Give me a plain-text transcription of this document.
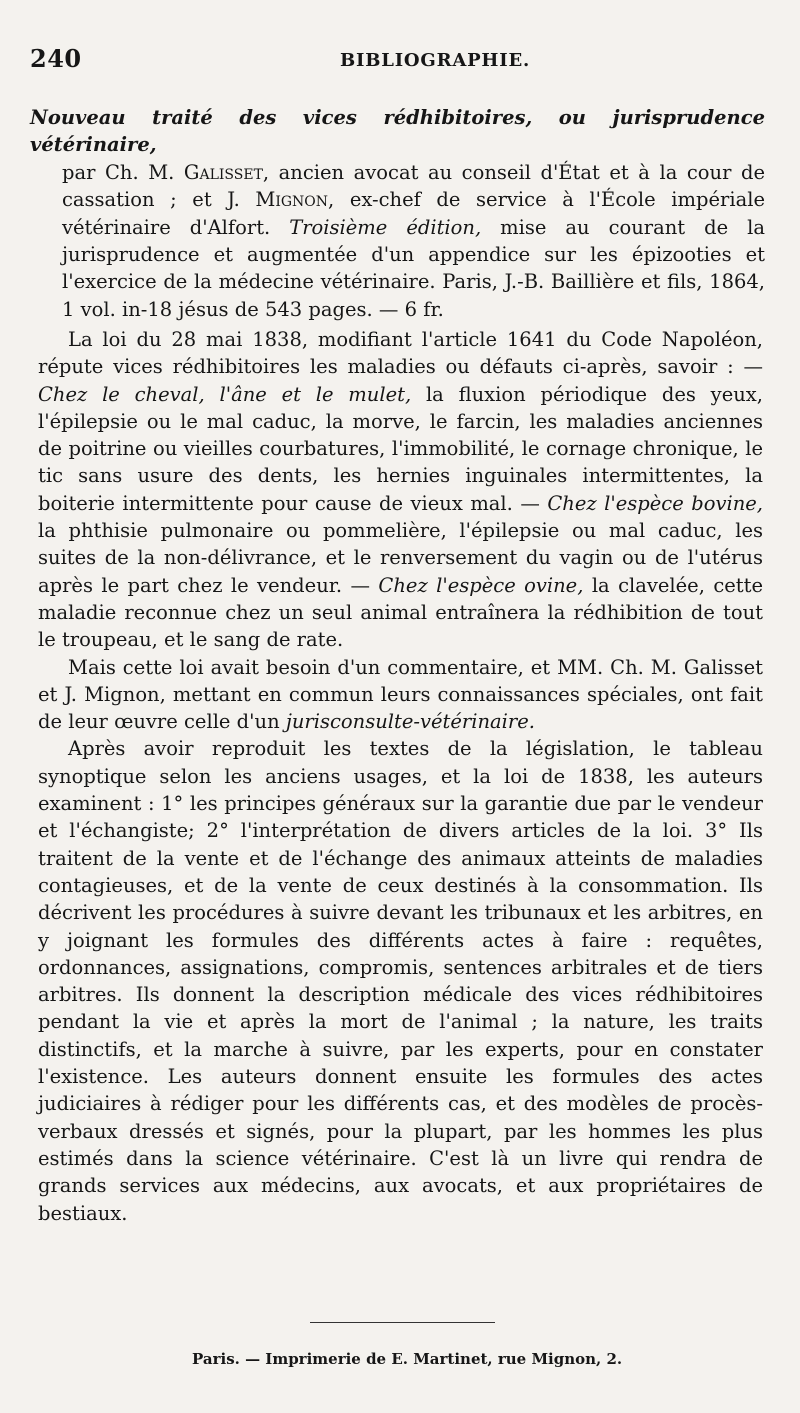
240	BIBLIOGRAPHIE.
Nouveau traité des vices rédhibitoires, ou jurisprudence vétérinaire,
par Ch. M. Galisset, ancien avocat au conseil d'État et à la cour de cassation ; et J. Mignon, ex-chef de service à l'École impériale vétérinaire d'Alfort. Troisième édition, mise au courant de la jurisprudence et augmentée d'un appendice sur les épizooties et l'exercice de la médecine vétérinaire. Paris, J.-B. Baillière et fils, 1864, 1 vol. in-18 jésus de 543 pages. — 6 fr.

La loi du 28 mai 1838, modifiant l'article 1641 du Code Napoléon, répute vices rédhibitoires les maladies ou défauts ci-après, savoir : — Chez le cheval, l'âne et le mulet, la fluxion périodique des yeux, l'épilepsie ou le mal caduc, la morve, le farcin, les maladies anciennes de poitrine ou vieilles courbatures, l'immobilité, le cornage chronique, le tic sans usure des dents, les hernies inguinales intermittentes, la boiterie intermittente pour cause de vieux mal. — Chez l'espèce bovine, la phthisie pulmonaire ou pommelière, l'épilepsie ou mal caduc, les suites de la non-délivrance, et le renversement du vagin ou de l'utérus après le part chez le vendeur. — Chez l'espèce ovine, la clavelée, cette maladie reconnue chez un seul animal entraînera la rédhibition de tout le troupeau, et le sang de rate.

Mais cette loi avait besoin d'un commentaire, et MM. Ch. M. Galisset et J. Mignon, mettant en commun leurs connaissances spéciales, ont fait de leur œuvre celle d'un jurisconsulte-vétérinaire.

Après avoir reproduit les textes de la législation, le tableau synoptique selon les anciens usages, et la loi de 1838, les auteurs examinent : 1° les principes généraux sur la garantie due par le vendeur et l'échangiste; 2° l'interprétation de divers articles de la loi. 3° Ils traitent de la vente et de l'échange des animaux atteints de maladies contagieuses, et de la vente de ceux destinés à la consommation. Ils décrivent les procédures à suivre devant les tribunaux et les arbitres, en y joignant les formules des différents actes à faire : requêtes, ordonnances, assignations, compromis, sentences arbitrales et de tiers arbitres. Ils donnent la description médicale des vices rédhibitoires pendant la vie et après la mort de l'animal ; la nature, les traits distinctifs, et la marche à suivre, par les experts, pour en constater l'existence. Les auteurs donnent ensuite les formules des actes judiciaires à rédiger pour les différents cas, et des modèles de procès-verbaux dressés et signés, pour la plupart, par les hommes les plus estimés dans la science vétérinaire. C'est là un livre qui rendra de grands services aux médecins, aux avocats, et aux propriétaires de bestiaux.

Paris. — Imprimerie de E. Martinet, rue Mignon, 2.
